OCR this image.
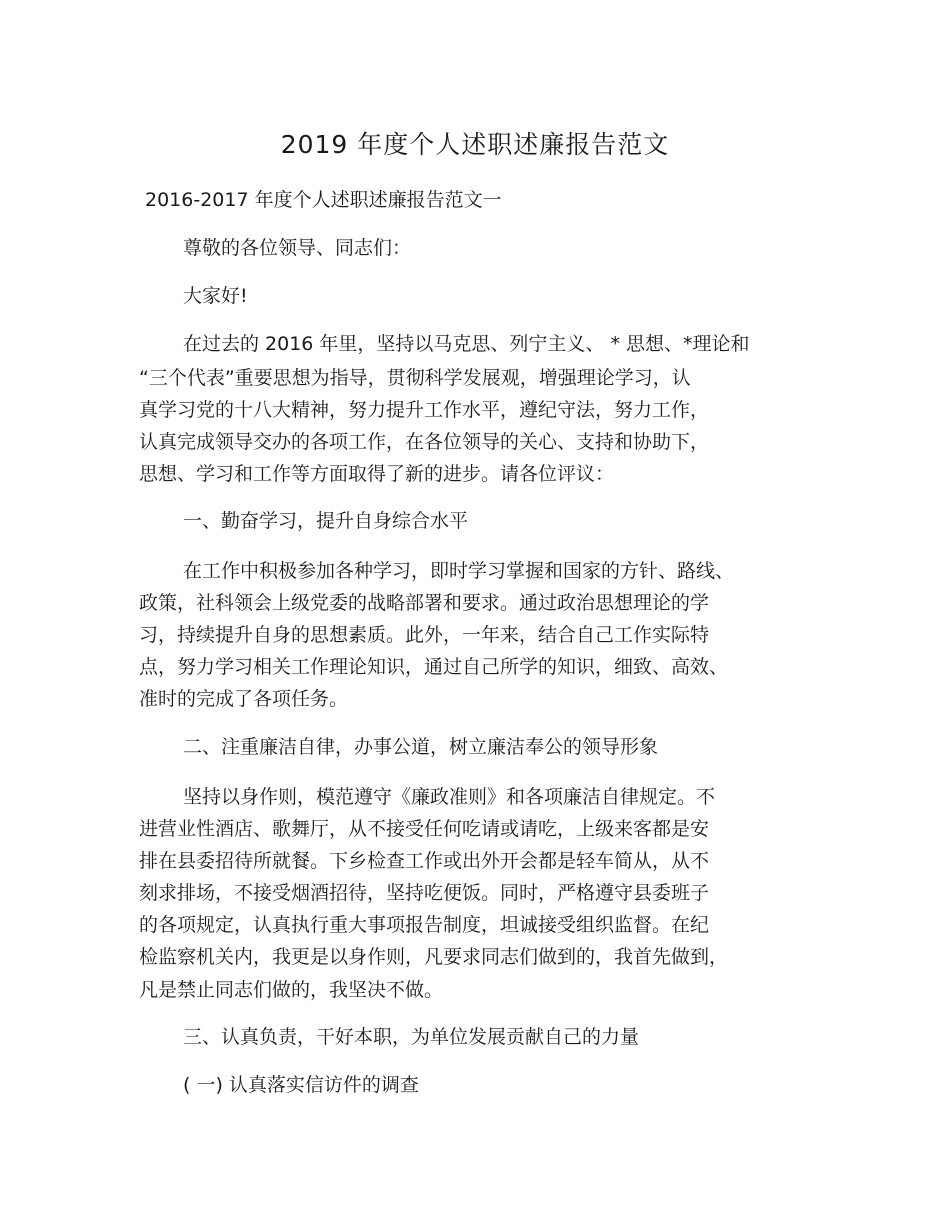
2019 年度个人述职述廉报告范文
2016-2017 年度个人述职述廉报告范文一
尊敬的各位领导、同志们：
大家好!
在过去的 2016 年里，坚持以马克思、列宁主义、 * 思想、*理论和
“三个代表”重要思想为指导，贯彻科学发展观，增强理论学习，认
真学习党的十八大精神，努力提升工作水平，遵纪守法，努力工作，
认真完成领导交办的各项工作，在各位领导的关心、支持和协助下，
思想、学习和工作等方面取得了新的进步。请各位评议：
一、勤奋学习，提升自身综合水平
在工作中积极参加各种学习，即时学习掌握和国家的方针、路线、
政策，社科领会上级党委的战略部署和要求。通过政治思想理论的学
习，持续提升自身的思想素质。此外，一年来，结合自己工作实际特
点，努力学习相关工作理论知识，通过自己所学的知识，细致、高效、
准时的完成了各项任务。
二、注重廉洁自律，办事公道，树立廉洁奉公的领导形象
坚持以身作则，模范遵守《廉政准则》和各项廉洁自律规定。不
进营业性酒店、歌舞厅，从不接受任何吃请或请吃，上级来客都是安
排在县委招待所就餐。下乡检查工作或出外开会都是轻车简从，从不
刻求排场，不接受烟酒招待，坚持吃便饭。同时，严格遵守县委班子
的各项规定，认真执行重大事项报告制度，坦诚接受组织监督。在纪
检监察机关内，我更是以身作则，凡要求同志们做到的，我首先做到，
凡是禁止同志们做的，我坚决不做。
三、认真负责，干好本职，为单位发展贡献自己的力量
( 一) 认真落实信访件的调查
